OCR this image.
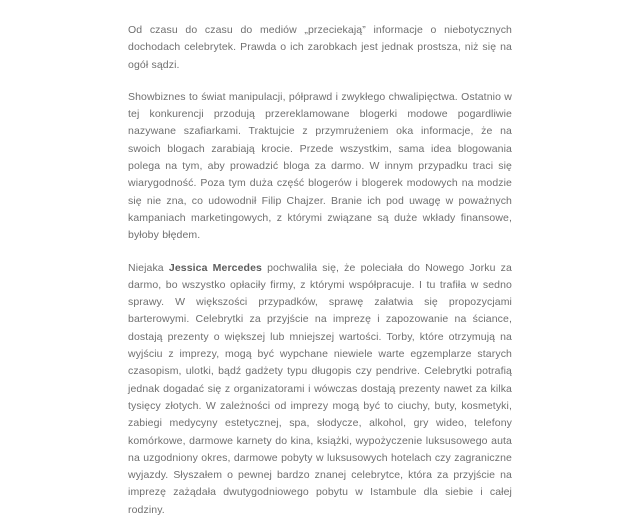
Od czasu do czasu do mediów „przeciekają” informacje o niebotycznych dochodach celebrytek. Prawda o ich zarobkach jest jednak prostsza, niż się na ogół sądzi.

Showbiznes to świat manipulacji, półprawd i zwykłego chwalipięctwa. Ostatnio w tej konkurencji przodują przereklamowane blogerki modowe pogardliwie nazywane szafiarkami. Traktujcie z przymrużeniem oka informacje, że na swoich blogach zarabiają krocie. Przede wszystkim, sama idea blogowania polega na tym, aby prowadzić bloga za darmo. W innym przypadku traci się wiarygodność. Poza tym duża część blogerów i blogerek modowych na modzie się nie zna, co udowodnił Filip Chajzer. Branie ich pod uwagę w poważnych kampaniach marketingowych, z którymi związane są duże wkłady finansowe, byłoby błędem.

Niejaka Jessica Mercedes pochwaliła się, że poleciała do Nowego Jorku za darmo, bo wszystko opłaciły firmy, z którymi współpracuje. I tu trafiła w sedno sprawy. W większości przypadków, sprawę załatwia się propozycjami barterowymi. Celebrytki za przyjście na imprezę i zapozowanie na ściance, dostają prezenty o większej lub mniejszej wartości. Torby, które otrzymują na wyjściu z imprezy, mogą być wypchane niewiele warte egzemplarze starych czasopism, ulotki, bądź gadżety typu długopis czy pendrive. Celebrytki potrafią jednak dogadać się z organizatorami i wówczas dostają prezenty nawet za kilka tysięcy złotych. W zależności od imprezy mogą być to ciuchy, buty, kosmetyki, zabiegi medycyny estetycznej, spa, słodycze, alkohol, gry wideo, telefony komórkowe, darmowe karnety do kina, książki, wypożyczenie luksusowego auta na uzgodniony okres, darmowe pobyty w luksusowych hotelach czy zagraniczne wyjazdy. Słyszałem o pewnej bardzo znanej celebrytce, która za przyjście na imprezę zażądała dwutygodniowego pobytu w Istambule dla siebie i całej rodziny.
